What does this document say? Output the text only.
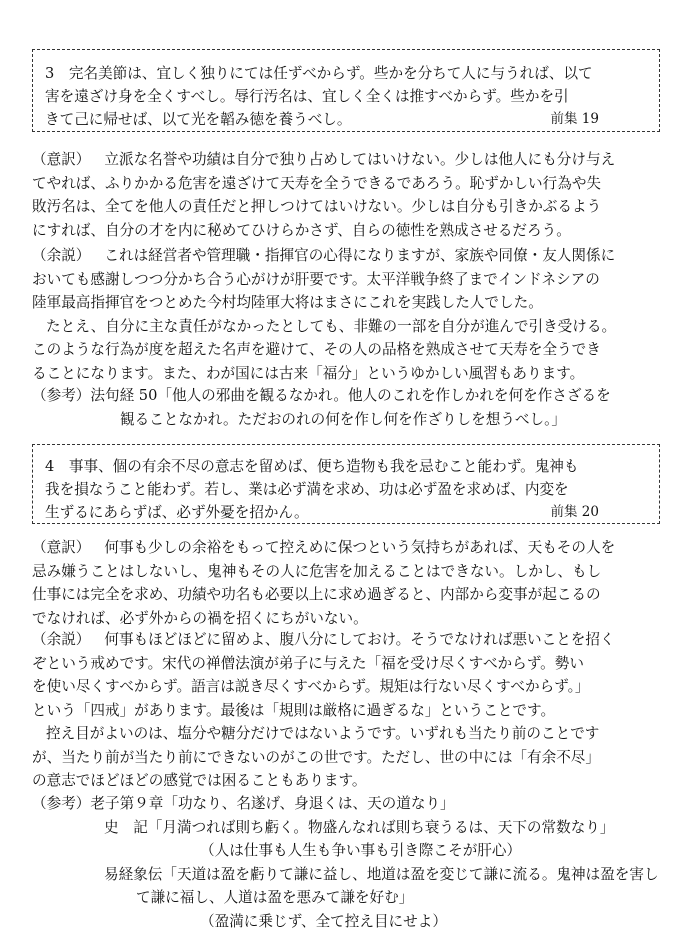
3　完名美節は、宜しく独りにては任ずべからず。些かを分ちて人に与うれば、以て

害を遠ざけ身を全くすべし。辱行汚名は、宜しく全くは推すべからず。些かを引

きて己に帰せば、以て光を韜み徳を養うべし。	前集 19

（意訳） 立派な名誉や功績は自分で独り占めしてはいけない。少しは他人にも分け与え

てやれば、ふりかかる危害を遠ざけて天寿を全うできるであろう。恥ずかしい行為や失

敗汚名は、全てを他人の責任だと押しつけてはいけない。少しは自分も引きかぶるよう

にすれば、自分の才を内に秘めてひけらかさず、自らの徳性を熟成させるだろう。

（余説） これは経営者や管理職・指揮官の心得になりますが、家族や同僚・友人関係に

おいても感謝しつつ分かち合う心がけが肝要です。太平洋戦争終了までインドネシアの

陸軍最高指揮官をつとめた今村均陸軍大将はまさにこれを実践した人でした。

たとえ、自分に主な責任がなかったとしても、非難の一部を自分が進んで引き受ける。

このような行為が度を超えた名声を避けて、その人の品格を熟成させて天寿を全うでき

ることになります。また、わが国には古来「福分」というゆかしい風習もあります。

（参考）法句経 50「他人の邪曲を観るなかれ。他人のこれを作しかれを何を作さざるを

観ることなかれ。ただおのれの何を作し何を作ざりしを想うべし。」

4　事事、個の有余不尽の意志を留めば、便ち造物も我を忌むこと能わず。鬼神も

我を損なうこと能わず。若し、業は必ず満を求め、功は必ず盈を求めば、内変を

生ずるにあらずば、必ず外憂を招かん。	前集 20

（意訳） 何事も少しの余裕をもって控えめに保つという気持ちがあれば、天もその人を

忌み嫌うことはしないし、鬼神もその人に危害を加えることはできない。しかし、もし

仕事には完全を求め、功績や功名も必要以上に求め過ぎると、内部から変事が起こるの

でなければ、必ず外からの禍を招くにちがいない。

（余説） 何事もほどほどに留めよ、腹八分にしておけ。そうでなければ悪いことを招く

ぞという戒めです。宋代の禅僧法演が弟子に与えた「福を受け尽くすべからず。勢い

を使い尽くすべからず。語言は説き尽くすべからず。規矩は行ない尽くすべからず。」

という「四戒」があります。最後は「規則は厳格に過ぎるな」ということです。

控え目がよいのは、塩分や糖分だけではないようです。いずれも当たり前のことです

が、当たり前が当たり前にできないのがこの世です。ただし、世の中には「有余不尽」

の意志でほどほどの感覚では困ることもあります。

（参考）老子第９章「功なり、名遂げ、身退くは、天の道なり」

史　記「月満つれば則ち虧く。物盛んなれば則ち衰うるは、天下の常数なり」

（人は仕事も人生も争い事も引き際こそが肝心）

易経象伝「天道は盈を虧りて謙に益し、地道は盈を変じて謙に流る。鬼神は盈を害し

て謙に福し、人道は盈を悪みて謙を好む」

（盈満に乗じず、全て控え目にせよ）
